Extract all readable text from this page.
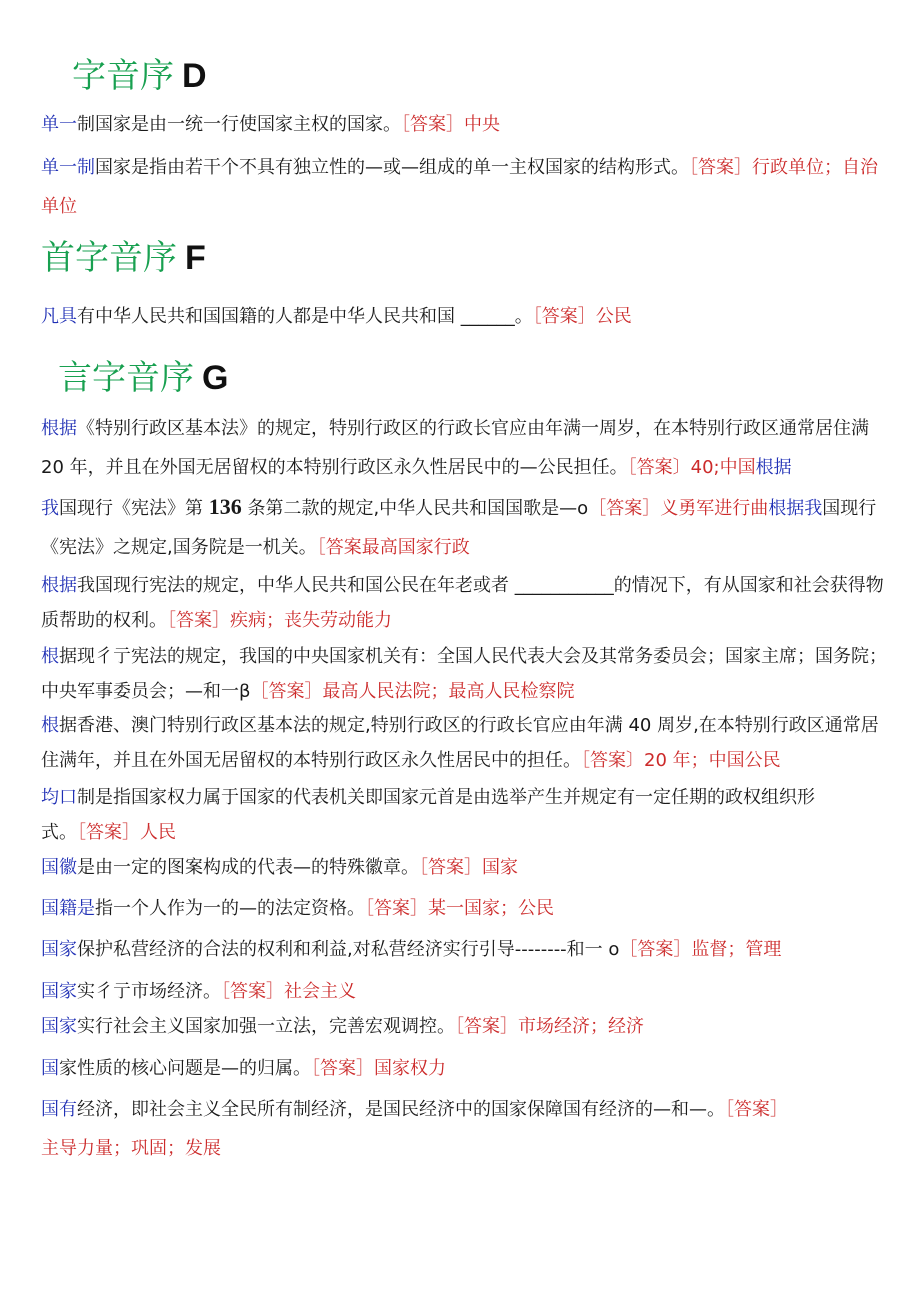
字音序 D
单一制国家是由一统一行使国家主权的国家。［答案］中央
单一制国家是指由若干个不具有独立性的—或—组成的单一主权国家的结构形式。［答案］行政单位；自治单位
首字音序 F
凡具有中华人民共和国国籍的人都是中华人民共和国 ______。［答案］公民
言字音序 G
根据《特别行政区基本法》的规定，特别行政区的行政长官应由年满一周岁，在本特别行政区通常居住满 20 年，并且在外国无居留权的本特别行政区永久性居民中的—公民担任。［答案〕40;中国根据
我国现行《宪法》第 136 条第二款的规定,中华人民共和国国歌是—o［答案］义勇军进行曲根据我国现行《宪法》之规定,国务院是一机关。［答案最高国家行政
根据我国现行宪法的规定，中华人民共和国公民在年老或者 ___________的情况下，有从国家和社会获得物质帮助的权利。［答案］疾病；丧失劳动能力
根据现彳亍宪法的规定，我国的中央国家机关有：全国人民代表大会及其常务委员会；国家主席；国务院；中央军事委员会；—和一β［答案］最高人民法院；最高人民检察院
根据香港、澳门特别行政区基本法的规定,特别行政区的行政长官应由年满 40 周岁,在本特别行政区通常居住满年，并且在外国无居留权的本特别行政区永久性居民中的担任。［答案〕20 年；中国公民
均口制是指国家权力属于国家的代表机关即国家元首是由选举产生并规定有一定任期的政权组织形式。［答案］人民
国徽是由一定的图案构成的代表—的特殊徽章。［答案］国家
国籍是指一个人作为一的—的法定资格。［答案］某一国家；公民
国家保护私营经济的合法的权利和利益,对私营经济实行引导--------和一 o［答案］监督；管理
国家实彳亍市场经济。［答案］社会主义
国家实行社会主义国家加强一立法，完善宏观调控。［答案］市场经济；经济
国家性质的核心问题是—的归属。［答案］国家权力
国有经济，即社会主义全民所有制经济，是国民经济中的国家保障国有经济的—和—。［答案］主导力量；巩固；发展
